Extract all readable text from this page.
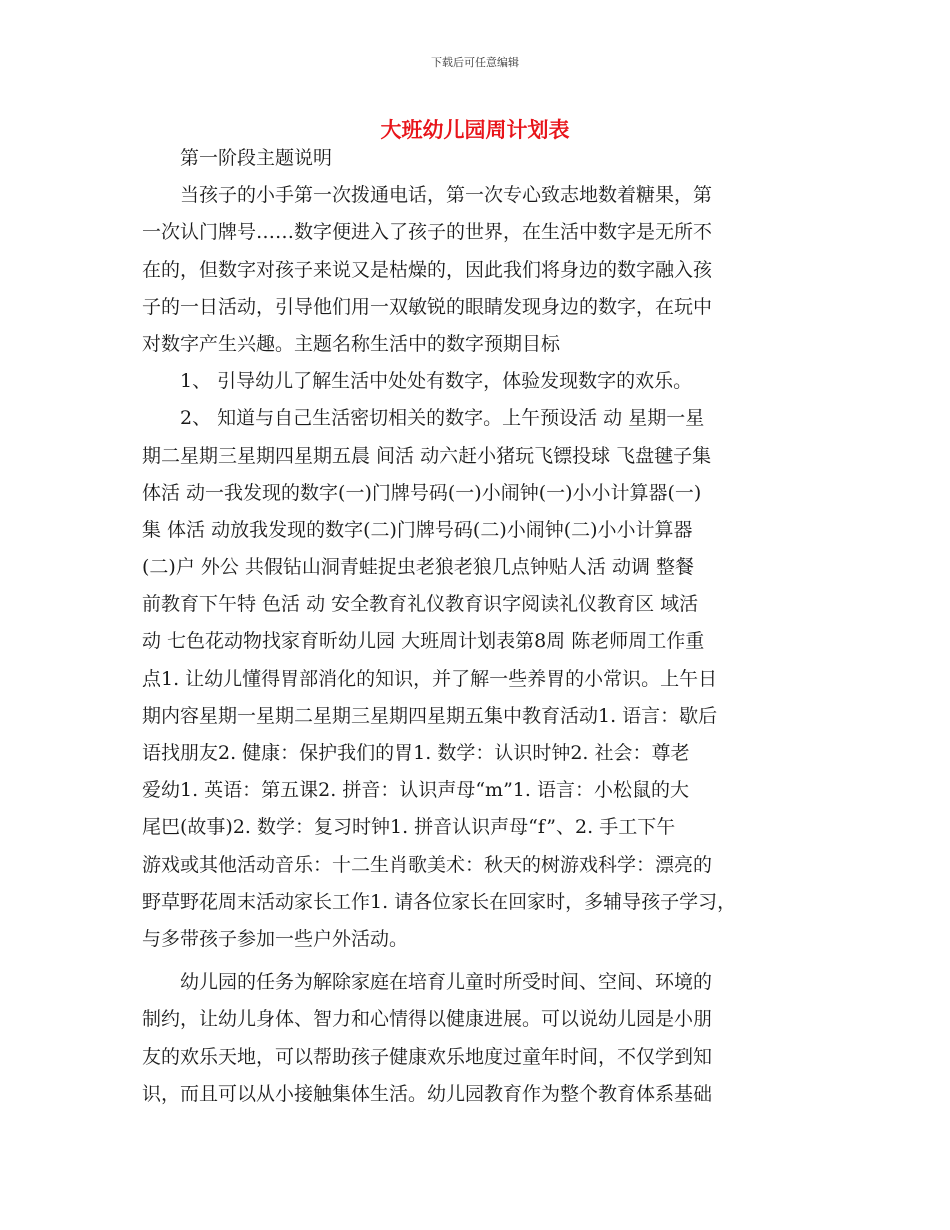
下载后可任意编辑
大班幼儿园周计划表
　　第一阶段主题说明
　　当孩子的小手第一次拨通电话，第一次专心致志地数着糖果，第
一次认门牌号……数字便进入了孩子的世界，在生活中数字是无所不
在的，但数字对孩子来说又是枯燥的，因此我们将身边的数字融入孩
子的一日活动，引导他们用一双敏锐的眼睛发现身边的数字，在玩中
对数字产生兴趣。主题名称生活中的数字预期目标
　　1、 引导幼儿了解生活中处处有数字，体验发现数字的欢乐。
　　2、 知道与自己生活密切相关的数字。上午预设活 动 星期一星
期二星期三星期四星期五晨 间活 动六赶小猪玩飞镖投球 飞盘毽子集
体活 动一我发现的数字(一)门牌号码(一)小闹钟(一)小小计算器(一)
集 体活 动放我发现的数字(二)门牌号码(二)小闹钟(二)小小计算器
(二)户 外公 共假钻山洞青蛙捉虫老狼老狼几点钟贴人活 动调 整餐
前教育下午特 色活 动 安全教育礼仪教育识字阅读礼仪教育区 域活
动 七色花动物找家育昕幼儿园 大班周计划表第8周 陈老师周工作重
点1. 让幼儿懂得胃部消化的知识，并了解一些养胃的小常识。上午日
期内容星期一星期二星期三星期四星期五集中教育活动1. 语言：歇后
语找朋友2. 健康：保护我们的胃1. 数学：认识时钟2. 社会：尊老
爱幼1. 英语：第五课2. 拼音：认识声母“m”1. 语言：小松鼠的大
尾巴(故事)2. 数学：复习时钟1. 拼音认识声母“f”、2. 手工下午
游戏或其他活动音乐：十二生肖歌美术：秋天的树游戏科学：漂亮的
野草野花周末活动家长工作1. 请各位家长在回家时，多辅导孩子学习，
与多带孩子参加一些户外活动。
　　幼儿园的任务为解除家庭在培育儿童时所受时间、空间、环境的
制约，让幼儿身体、智力和心情得以健康进展。可以说幼儿园是小朋
友的欢乐天地，可以帮助孩子健康欢乐地度过童年时间，不仅学到知
识，而且可以从小接触集体生活。幼儿园教育作为整个教育体系基础
